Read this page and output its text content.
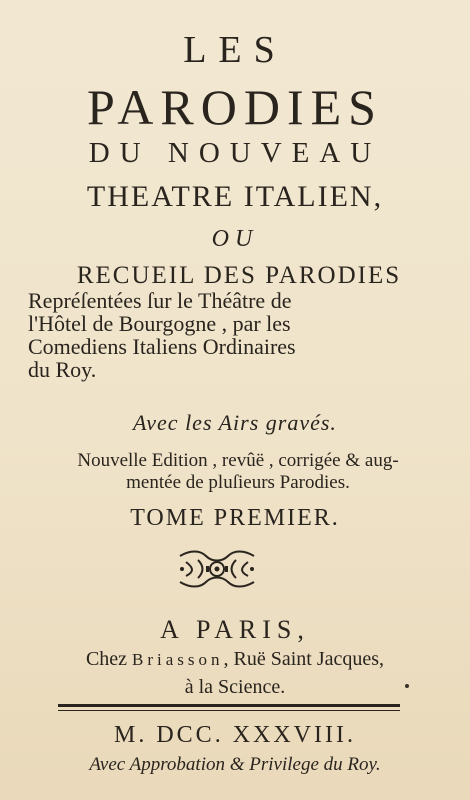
LES
PARODIES
DU NOUVEAU
THEATRE ITALIEN,
OU
RECUEIL DES PARODIES
Repréſentées ſur le Théâtre de
l'Hôtel de Bourgogne , par les
Comediens Italiens Ordinaires
du Roy.
Avec les Airs gravés.
Nouvelle Edition , revûë , corrigée & aug-
mentée de pluſieurs Parodies.
TOME PREMIER.
A PARIS,
Chez Briasson, Ruë Saint Jacques,
à la Science.
M. DCC. XXXVIII.
Avec Approbation & Privilege du Roy.
